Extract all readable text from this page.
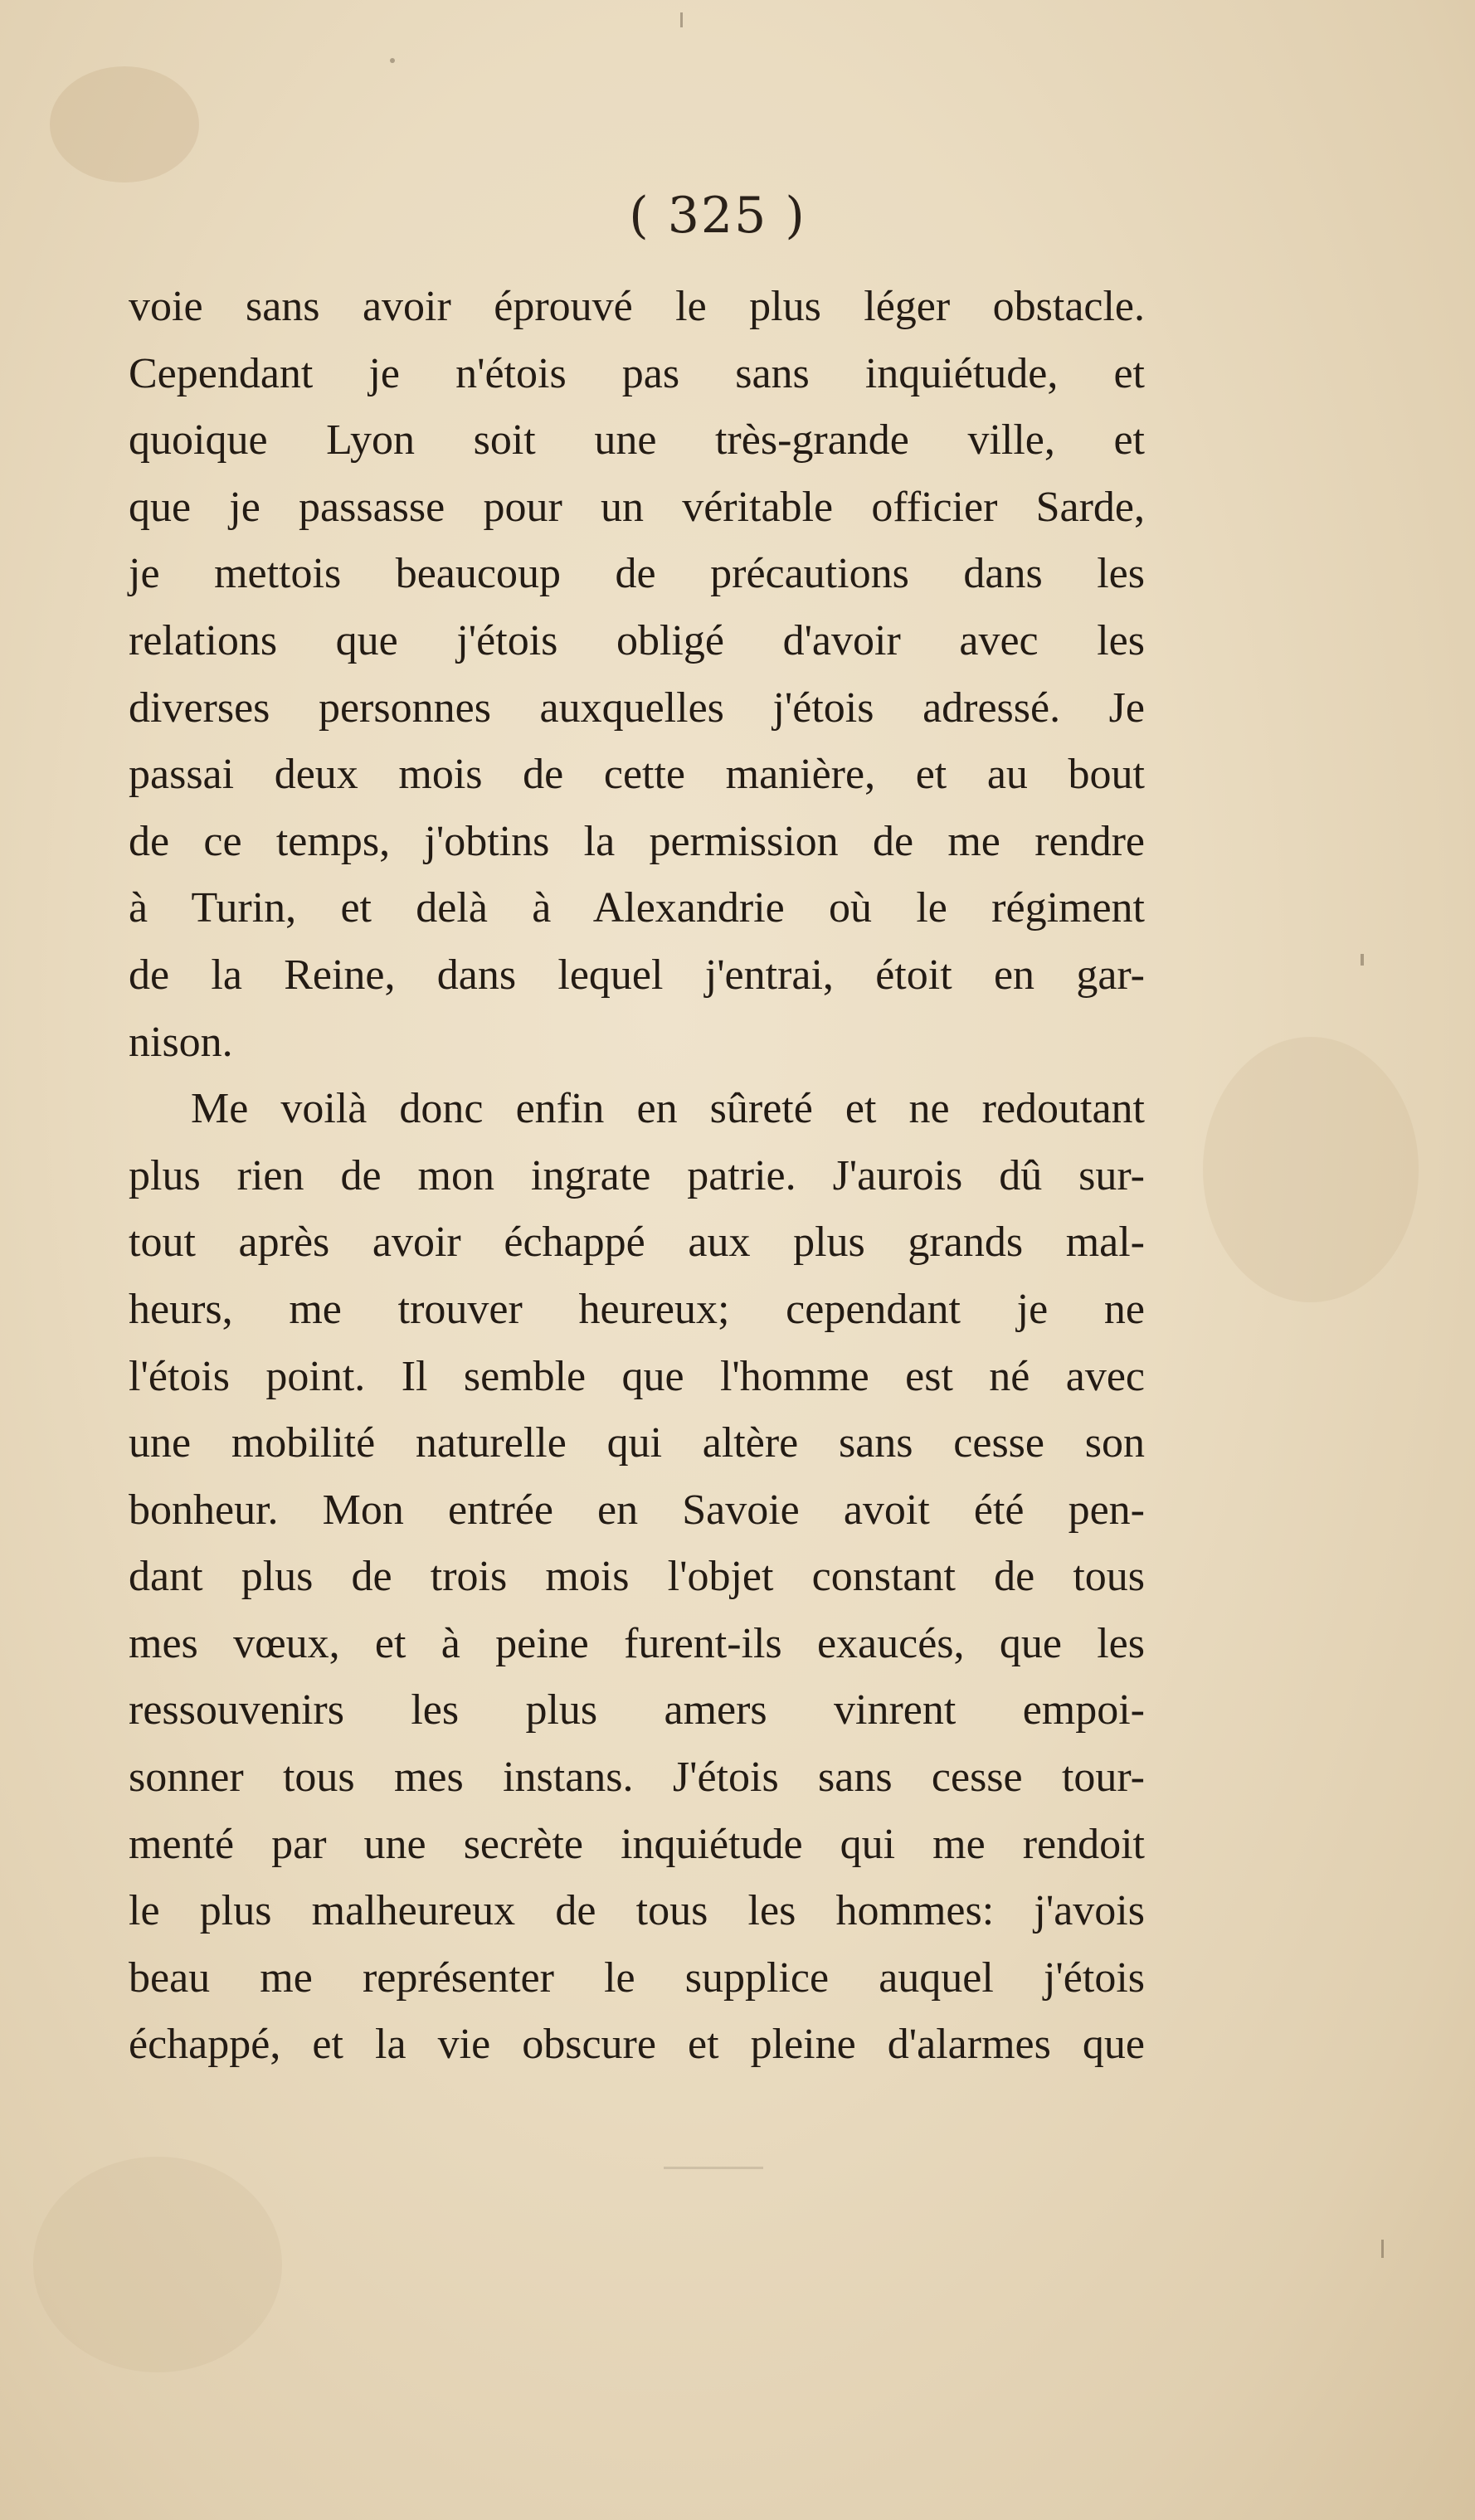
( 325 )
voie sans avoir éprouvé le plus léger obstacle.
Cependant je n'étois pas sans inquiétude, et
quoique Lyon soit une très-grande ville, et
que je passasse pour un véritable officier Sarde,
je mettois beaucoup de précautions dans les
relations que j'étois obligé d'avoir avec les
diverses personnes auxquelles j'étois adressé. Je
passai deux mois de cette manière, et au bout
de ce temps, j'obtins la permission de me rendre
à Turin, et delà à Alexandrie où le régiment
de la Reine, dans lequel j'entrai, étoit en gar-
nison.
Me voilà donc enfin en sûreté et ne redoutant
plus rien de mon ingrate patrie. J'aurois dû sur-
tout après avoir échappé aux plus grands mal-
heurs, me trouver heureux; cependant je ne
l'étois point. Il semble que l'homme est né avec
une mobilité naturelle qui altère sans cesse son
bonheur. Mon entrée en Savoie avoit été pen-
dant plus de trois mois l'objet constant de tous
mes vœux, et à peine furent-ils exaucés, que les
ressouvenirs les plus amers vinrent empoi-
sonner tous mes instans. J'étois sans cesse tour-
menté par une secrète inquiétude qui me rendoit
le plus malheureux de tous les hommes: j'avois
beau me représenter le supplice auquel j'étois
échappé, et la vie obscure et pleine d'alarmes que
